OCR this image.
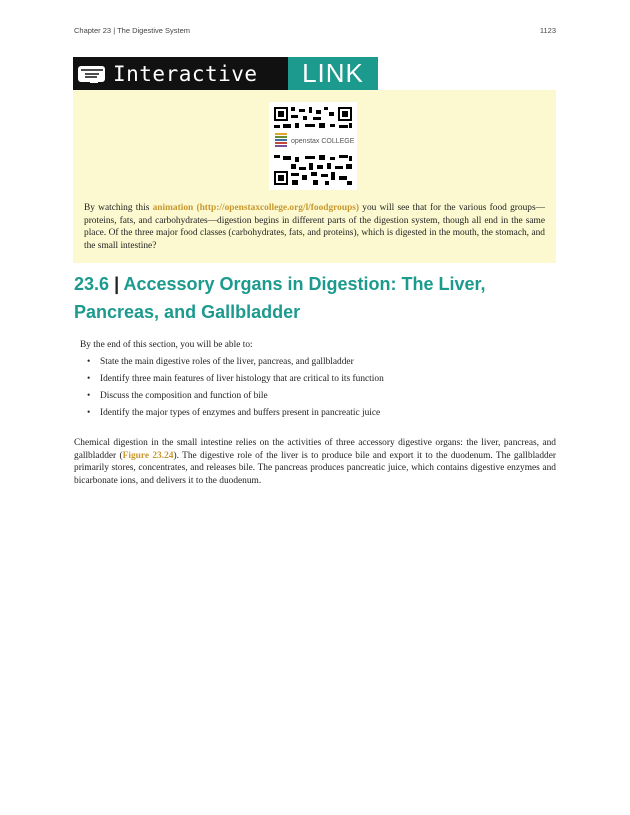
Chapter 23 | The Digestive System	1123
Interactive LINK
openstax COLLEGE

By watching this animation (http://openstaxcollege.org/l/foodgroups) you will see that for the various food groups—proteins, fats, and carbohydrates—digestion begins in different parts of the digestion system, though all end in the same place. Of the three major food classes (carbohydrates, fats, and proteins), which is digested in the mouth, the stomach, and the small intestine?

23.6 | Accessory Organs in Digestion: The Liver, Pancreas, and Gallbladder

By the end of this section, you will be able to:

• State the main digestive roles of the liver, pancreas, and gallbladder
• Identify three main features of liver histology that are critical to its function
• Discuss the composition and function of bile
• Identify the major types of enzymes and buffers present in pancreatic juice

Chemical digestion in the small intestine relies on the activities of three accessory digestive organs: the liver, pancreas, and gallbladder (Figure 23.24). The digestive role of the liver is to produce bile and export it to the duodenum. The gallbladder primarily stores, concentrates, and releases bile. The pancreas produces pancreatic juice, which contains digestive enzymes and bicarbonate ions, and delivers it to the duodenum.
